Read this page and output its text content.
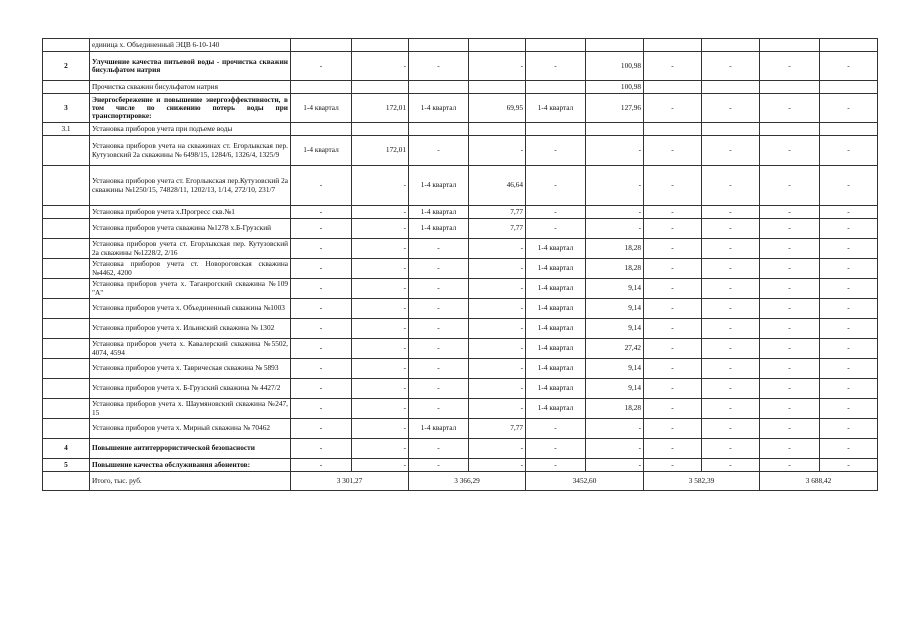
	единица х. Объединенный ЭЦВ 6-10-140										
2	Улучшение качества питьевой воды - прочистка скважин бисульфатом натрия	-	-	-	-	-	100,98	-	-	-	-
	Прочистка скважин бисульфатом натрия						100,98				
3	Энергосбережение и повышение энергоэффективности, в том числе по снижению потерь воды при транспортировке:	1-4 квартал	172,01	1-4 квартал	69,95	1-4 квартал	127,96	-	-	-	-
3.1	Установка приборов учета при подъеме воды										
	Установка приборов учета на скважинах ст. Егорлыкская пер. Кутузовский 2а скважины № 6498/15, 1284/6, 1326/4, 1325/9	1-4 квартал	172,01	-	-	-	-	-	-	-	-
	Установка приборов учета ст. Егорлыкская пер.Кутузовский 2а скважины №1250/15, 74828/11, 1202/13, 1/14, 272/10, 231/7	-	-	1-4 квартал	46,64	-	-	-	-	-	-
	Установка приборов учета х.Прогресс скв.№1	-	-	1-4 квартал	7,77	-	-	-	-	-	-
	Установка приборов учета скважина №1278 х.Б-Грузский	-	-	1-4 квартал	7,77	-	-	-	-	-	-
	Установка приборов учета ст. Егорлыкская пер. Кутузовский 2а скважины №1228/2, 2/16	-	-	-	-	1-4 квартал	18,28	-	-	-	-
	Установка приборов учета ст. Новороговская скважина №4462, 4200	-	-	-	-	1-4 квартал	18,28	-	-	-	-
	Установка приборов учета х. Таганрогский скважина №109 "А"	-	-	-	-	1-4 квартал	9,14	-	-	-	-
	Установка приборов учета х. Объединенный скважина №1003	-	-	-	-	1-4 квартал	9,14	-	-	-	-
	Установка приборов учета х. Ильинский скважина № 1302	-	-	-	-	1-4 квартал	9,14	-	-	-	-
	Установка приборов учета х. Кавалерский скважина №5502, 4074, 4594	-	-	-	-	1-4 квартал	27,42	-	-	-	-
	Установка приборов учета х. Таврическая скважина № 5893	-	-	-	-	1-4 квартал	9,14	-	-	-	-
	Установка приборов учета х. Б-Грузский скважина № 4427/2	-	-	-	-	1-4 квартал	9,14	-	-	-	-
	Установка приборов учета х. Шаумяновский скважина №247, 15	-	-	-	-	1-4 квартал	18,28	-	-	-	-
	Установка приборов учета х. Мирный скважина № 70462	-	-	1-4 квартал	7,77	-	-	-	-	-	-
4	Повышение антитеррористической безопасности	-	-	-	-	-	-	-	-	-	-
5	Повышение качества обслуживания абонентов:	-	-	-	-	-	-	-	-	-	-
	Итого, тыс. руб.	3 301,27		3 366,29		3452,60		3 582,39		3 688,42	
